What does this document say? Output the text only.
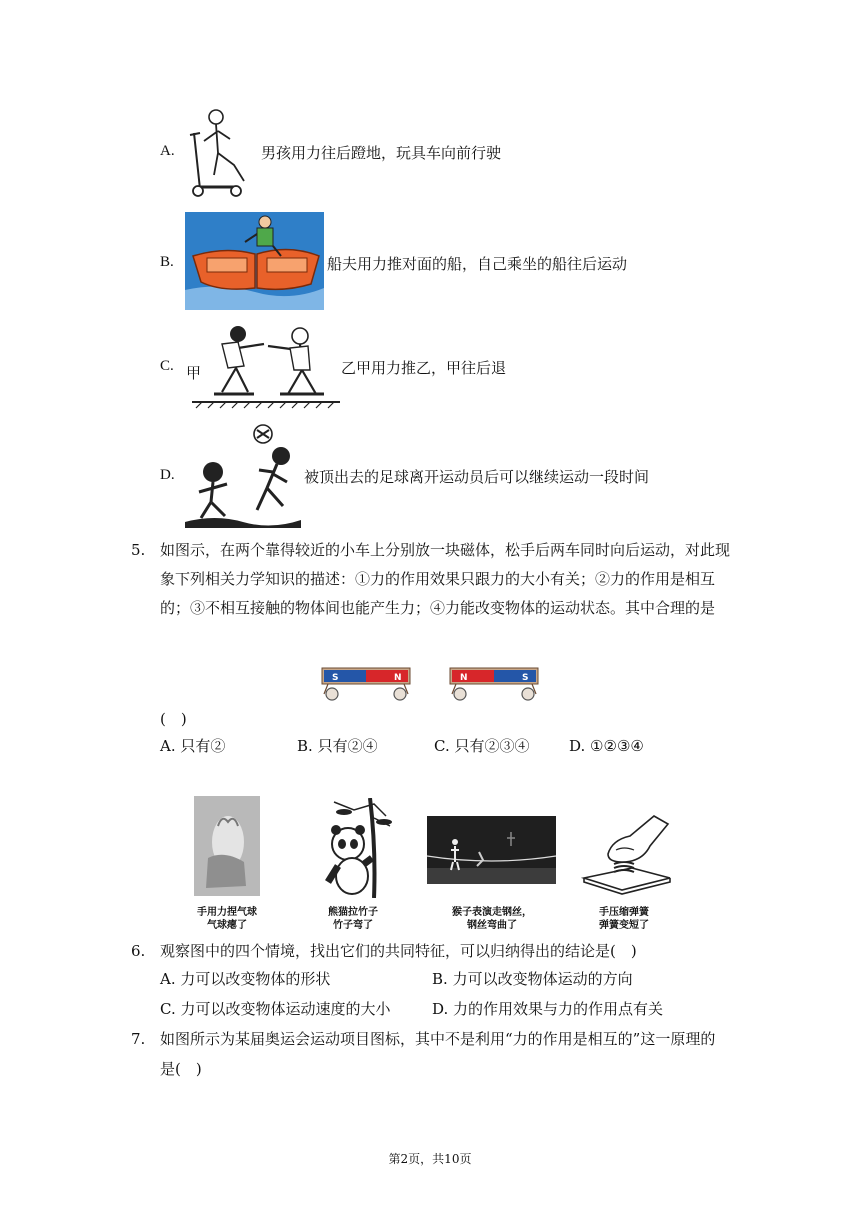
A.	男孩用力往后蹬地，玩具车向前行驶
B.	船夫用力推对面的船，自己乘坐的船往后运动
C. 甲	乙 甲用力推乙，甲往后退
D.	被顶出去的足球离开运动员后可以继续运动一段时间
5. 如图示，在两个靠得较近的小车上分别放一块磁体，松手后两车同时向后运动，对此现
象下列相关力学知识的描述：①力的作用效果只跟力的大小有关；②力的作用是相互
的；③不相互接触的物体间也能产生力；④力能改变物体的运动状态。其中合理的是
S	N	N	S
(　)
A. 只有②	B. 只有②④	C. 只有②③④	D. ①②③④
手用力捏气球
气球瘪了
熊猫拉竹子
竹子弯了
猴子表演走钢丝，
钢丝弯曲了
手压缩弹簧
弹簧变短了
6. 观察图中的四个情境，找出它们的共同特征，可以归纳得出的结论是(　)
A. 力可以改变物体的形状	B. 力可以改变物体运动的方向
C. 力可以改变物体运动速度的大小	D. 力的作用效果与力的作用点有关
7. 如图所示为某届奥运会运动项目图标，其中不是利用“力的作用是相互的”这一原理的
是(　)
第2页，共10页
